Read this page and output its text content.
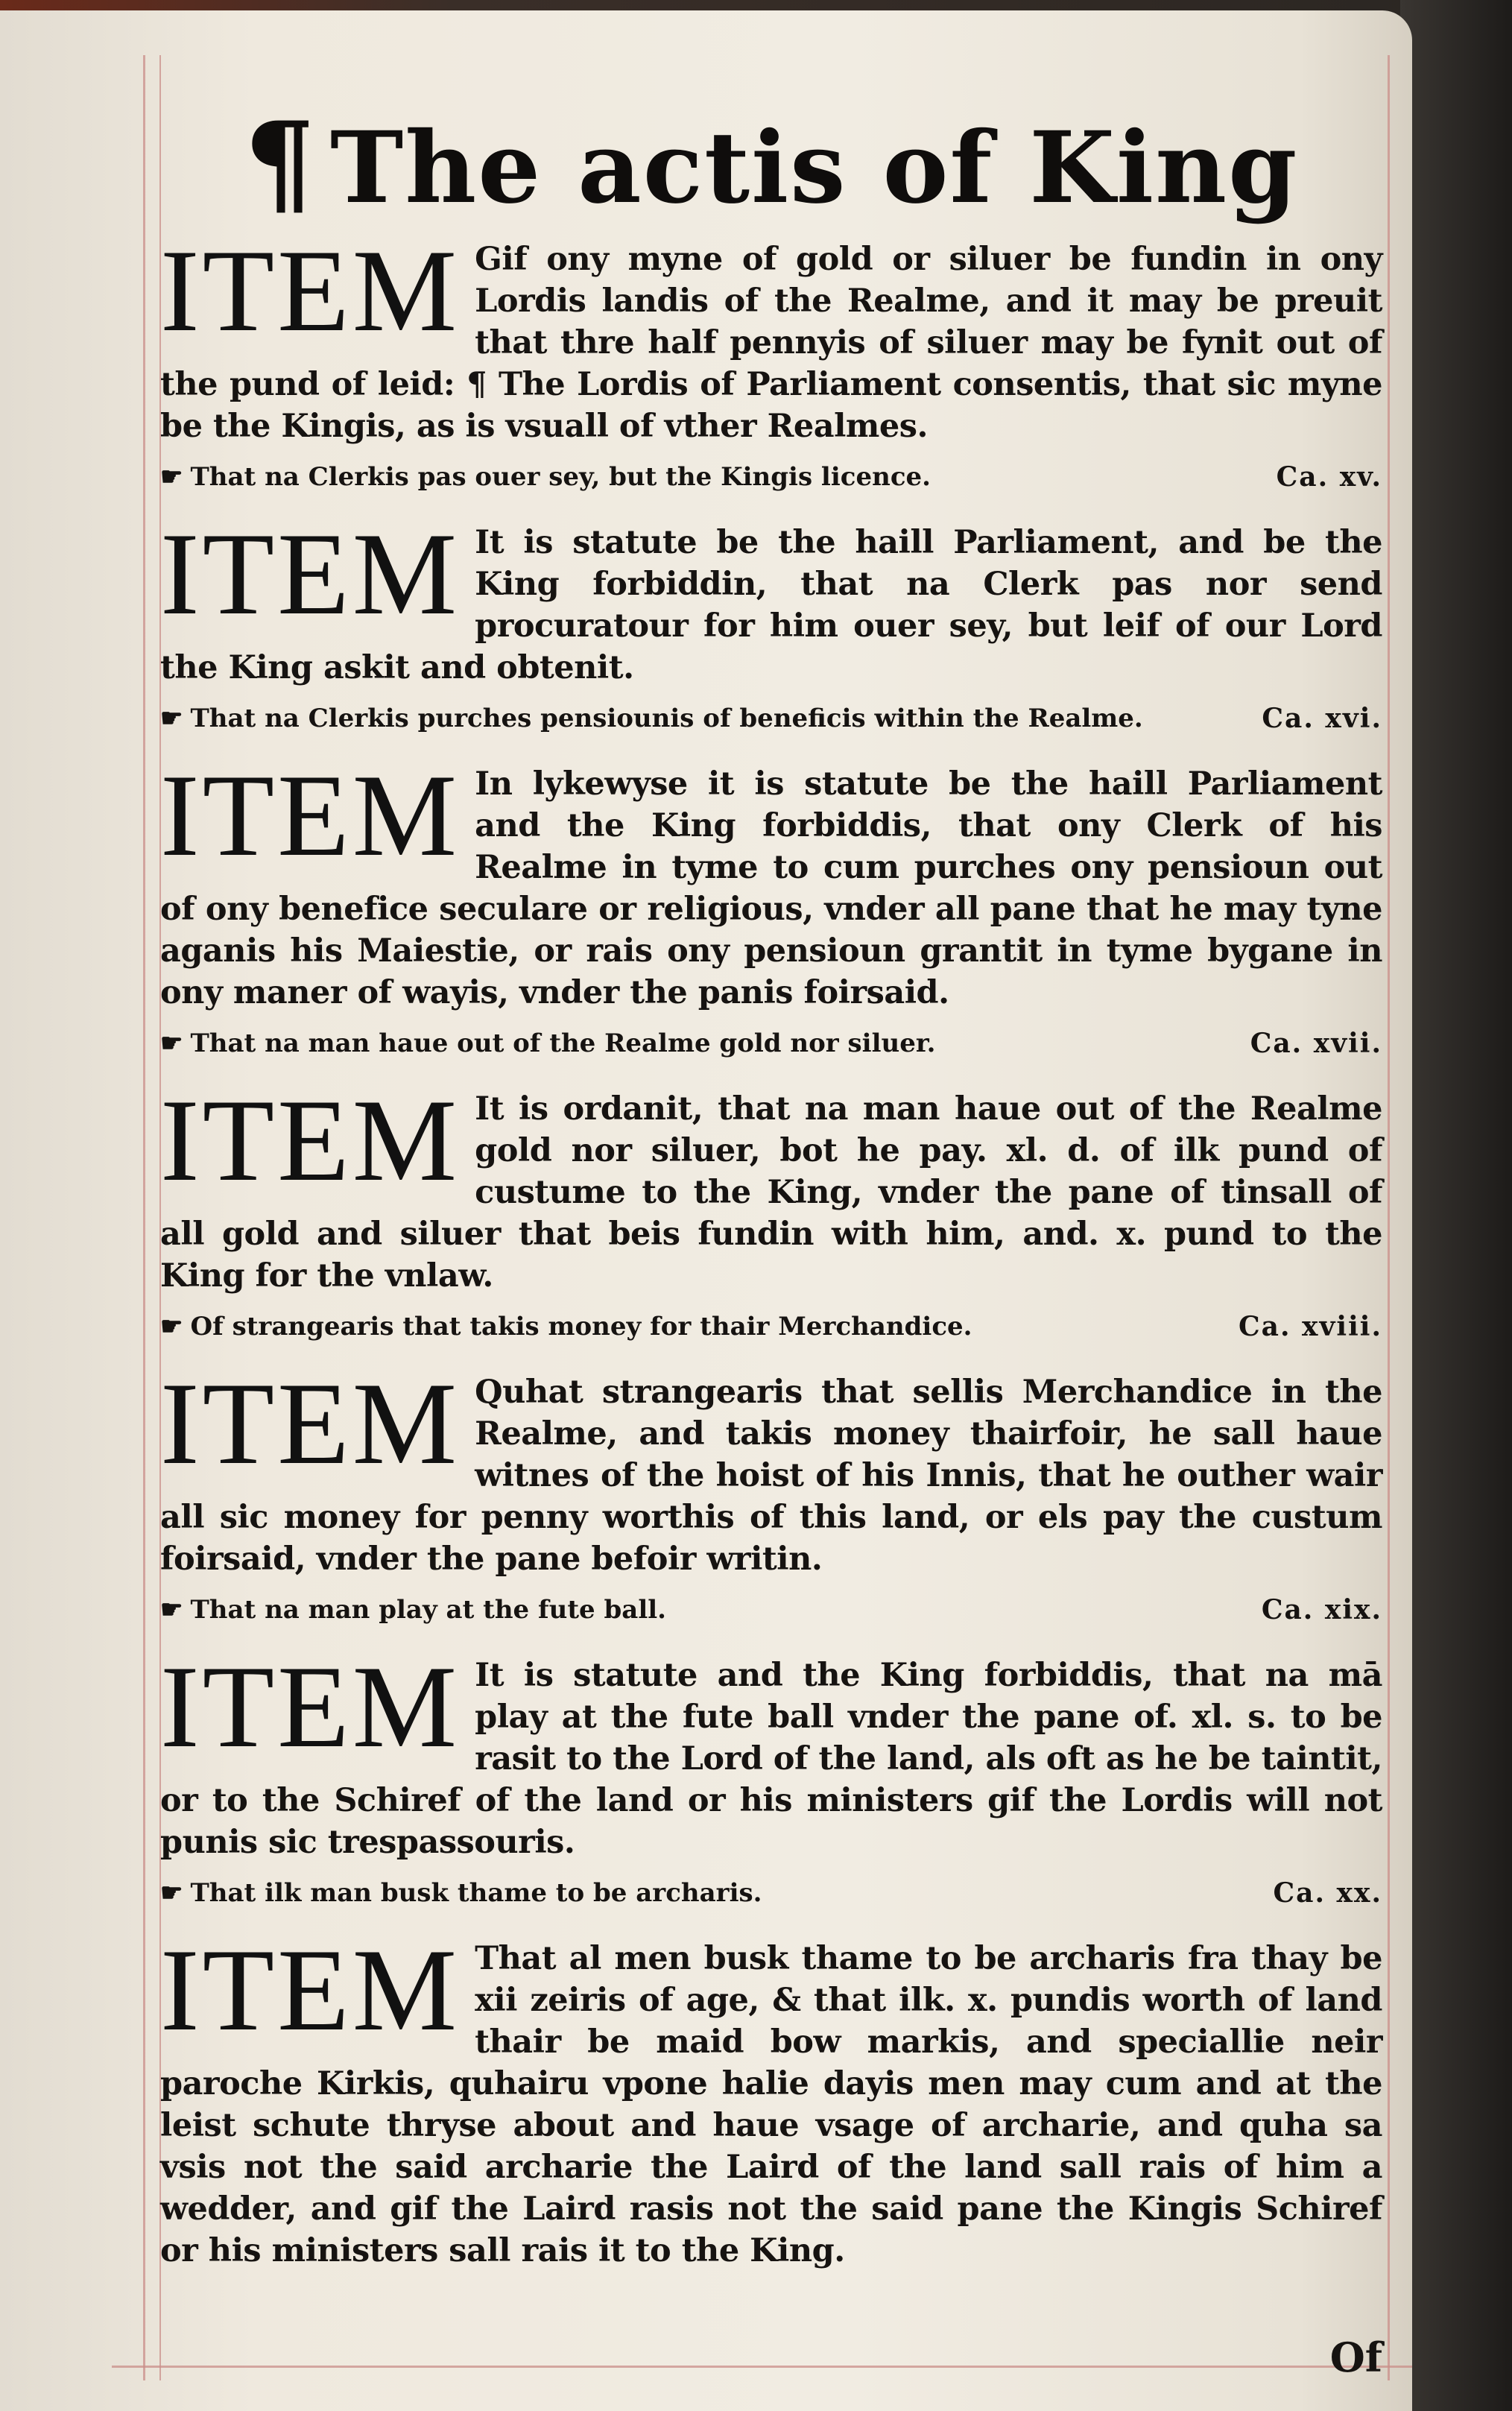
¶ The actis of King
ITEM Gif ony myne of gold or siluer be fundin in ony Lordis landis of the Realme, and it may be preuit that thre half pennyis of siluer may be fynit out of the pund of leid: ¶ The Lordis of Parliament consentis, that sic myne be the Kingis, as is vsuall of vther Realmes.
☛ That na Clerkis pas ouer sey, but the Kingis licence.	Ca. xv.
ITEM It is statute be the haill Parliament, and be the King forbiddin, that na Clerk pas nor send procuratour for him ouer sey, but leif of our Lord the King askit and obtenit.
☛ That na Clerkis purches pensiounis of beneficis within the Realme.	Ca. xvi.
ITEM In lykewyse it is statute be the haill Parliament and the King forbiddis, that ony Clerk of his Realme in tyme to cum purches ony pensioun out of ony benefice seculare or religious, vnder all pane that he may tyne aganis his Maiestie, or rais ony pensioun grantit in tyme bygane in ony maner of wayis, vnder the panis foirsaid.
☛ That na man haue out of the Realme gold nor siluer.	Ca. xvii.
ITEM It is ordanit, that na man haue out of the Realme gold nor siluer, bot he pay. xl. d. of ilk pund of custume to the King, vnder the pane of tinsall of all gold and siluer that beis fundin with him, and. x. pund to the King for the vnlaw.
☛ Of strangearis that takis money for thair Merchandice.	Ca. xviii.
ITEM Quhat strangearis that sellis Merchandice in the Realme, and takis money thairfoir, he sall haue witnes of the hoist of his Innis, that he outher wair all sic money for penny worthis of this land, or els pay the custum foirsaid, vnder the pane befoir writin.
☛ That na man play at the fute ball.	Ca. xix.
ITEM It is statute and the King forbiddis, that na mā play at the fute ball vnder the pane of. xl. s. to be rasit to the Lord of the land, als oft as he be taintit, or to the Schiref of the land or his ministers gif the Lordis will not punis sic trespassouris.
☛ That ilk man busk thame to be archaris.	Ca. xx.
ITEM That al men busk thame to be archaris fra thay be xii zeiris of age, & that ilk. x. pundis worth of land thair be maid bow markis, and speciallie neir paroche Kirkis, quhairu vpone halie dayis men may cum and at the leist schute thryse about and haue vsage of archarie, and quha sa vsis not the said archarie the Laird of the land sall rais of him a wedder, and gif the Laird rasis not the said pane the Kingis Schiref or his ministers sall rais it to the King.
Of
